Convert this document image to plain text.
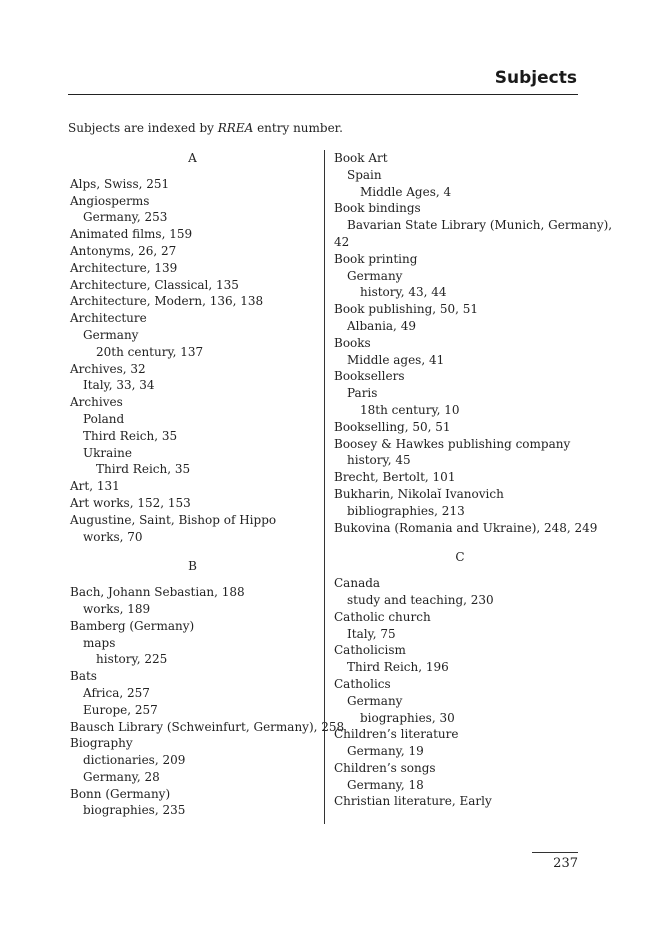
Subjects
Subjects are indexed by RREA entry number.
A
Alps, Swiss, 251
Angiosperms
Germany, 253
Animated films, 159
Antonyms, 26, 27
Architecture, 139
Architecture, Classical, 135
Architecture, Modern, 136, 138
Architecture
Germany
20th century, 137
Archives, 32
Italy, 33, 34
Archives
Poland
Third Reich, 35
Ukraine
Third Reich, 35
Art, 131
Art works, 152, 153
Augustine, Saint, Bishop of Hippo
works, 70
B
Bach, Johann Sebastian, 188
works, 189
Bamberg (Germany)
maps
history, 225
Bats
Africa, 257
Europe, 257
Bausch Library (Schweinfurt, Germany), 258
Biography
dictionaries, 209
Germany, 28
Bonn (Germany)
biographies, 235
Book Art
Spain
Middle Ages, 4
Book bindings
Bavarian State Library (Munich, Germany),
42
Book printing
Germany
history, 43, 44
Book publishing, 50, 51
Albania, 49
Books
Middle ages, 41
Booksellers
Paris
18th century, 10
Bookselling, 50, 51
Boosey & Hawkes publishing company
history, 45
Brecht, Bertolt, 101
Bukharin, Nikolaĭ Ivanovich
bibliographies, 213
Bukovina (Romania and Ukraine), 248, 249
C
Canada
study and teaching, 230
Catholic church
Italy, 75
Catholicism
Third Reich, 196
Catholics
Germany
biographies, 30
Children’s literature
Germany, 19
Children’s songs
Germany, 18
Christian literature, Early
237
